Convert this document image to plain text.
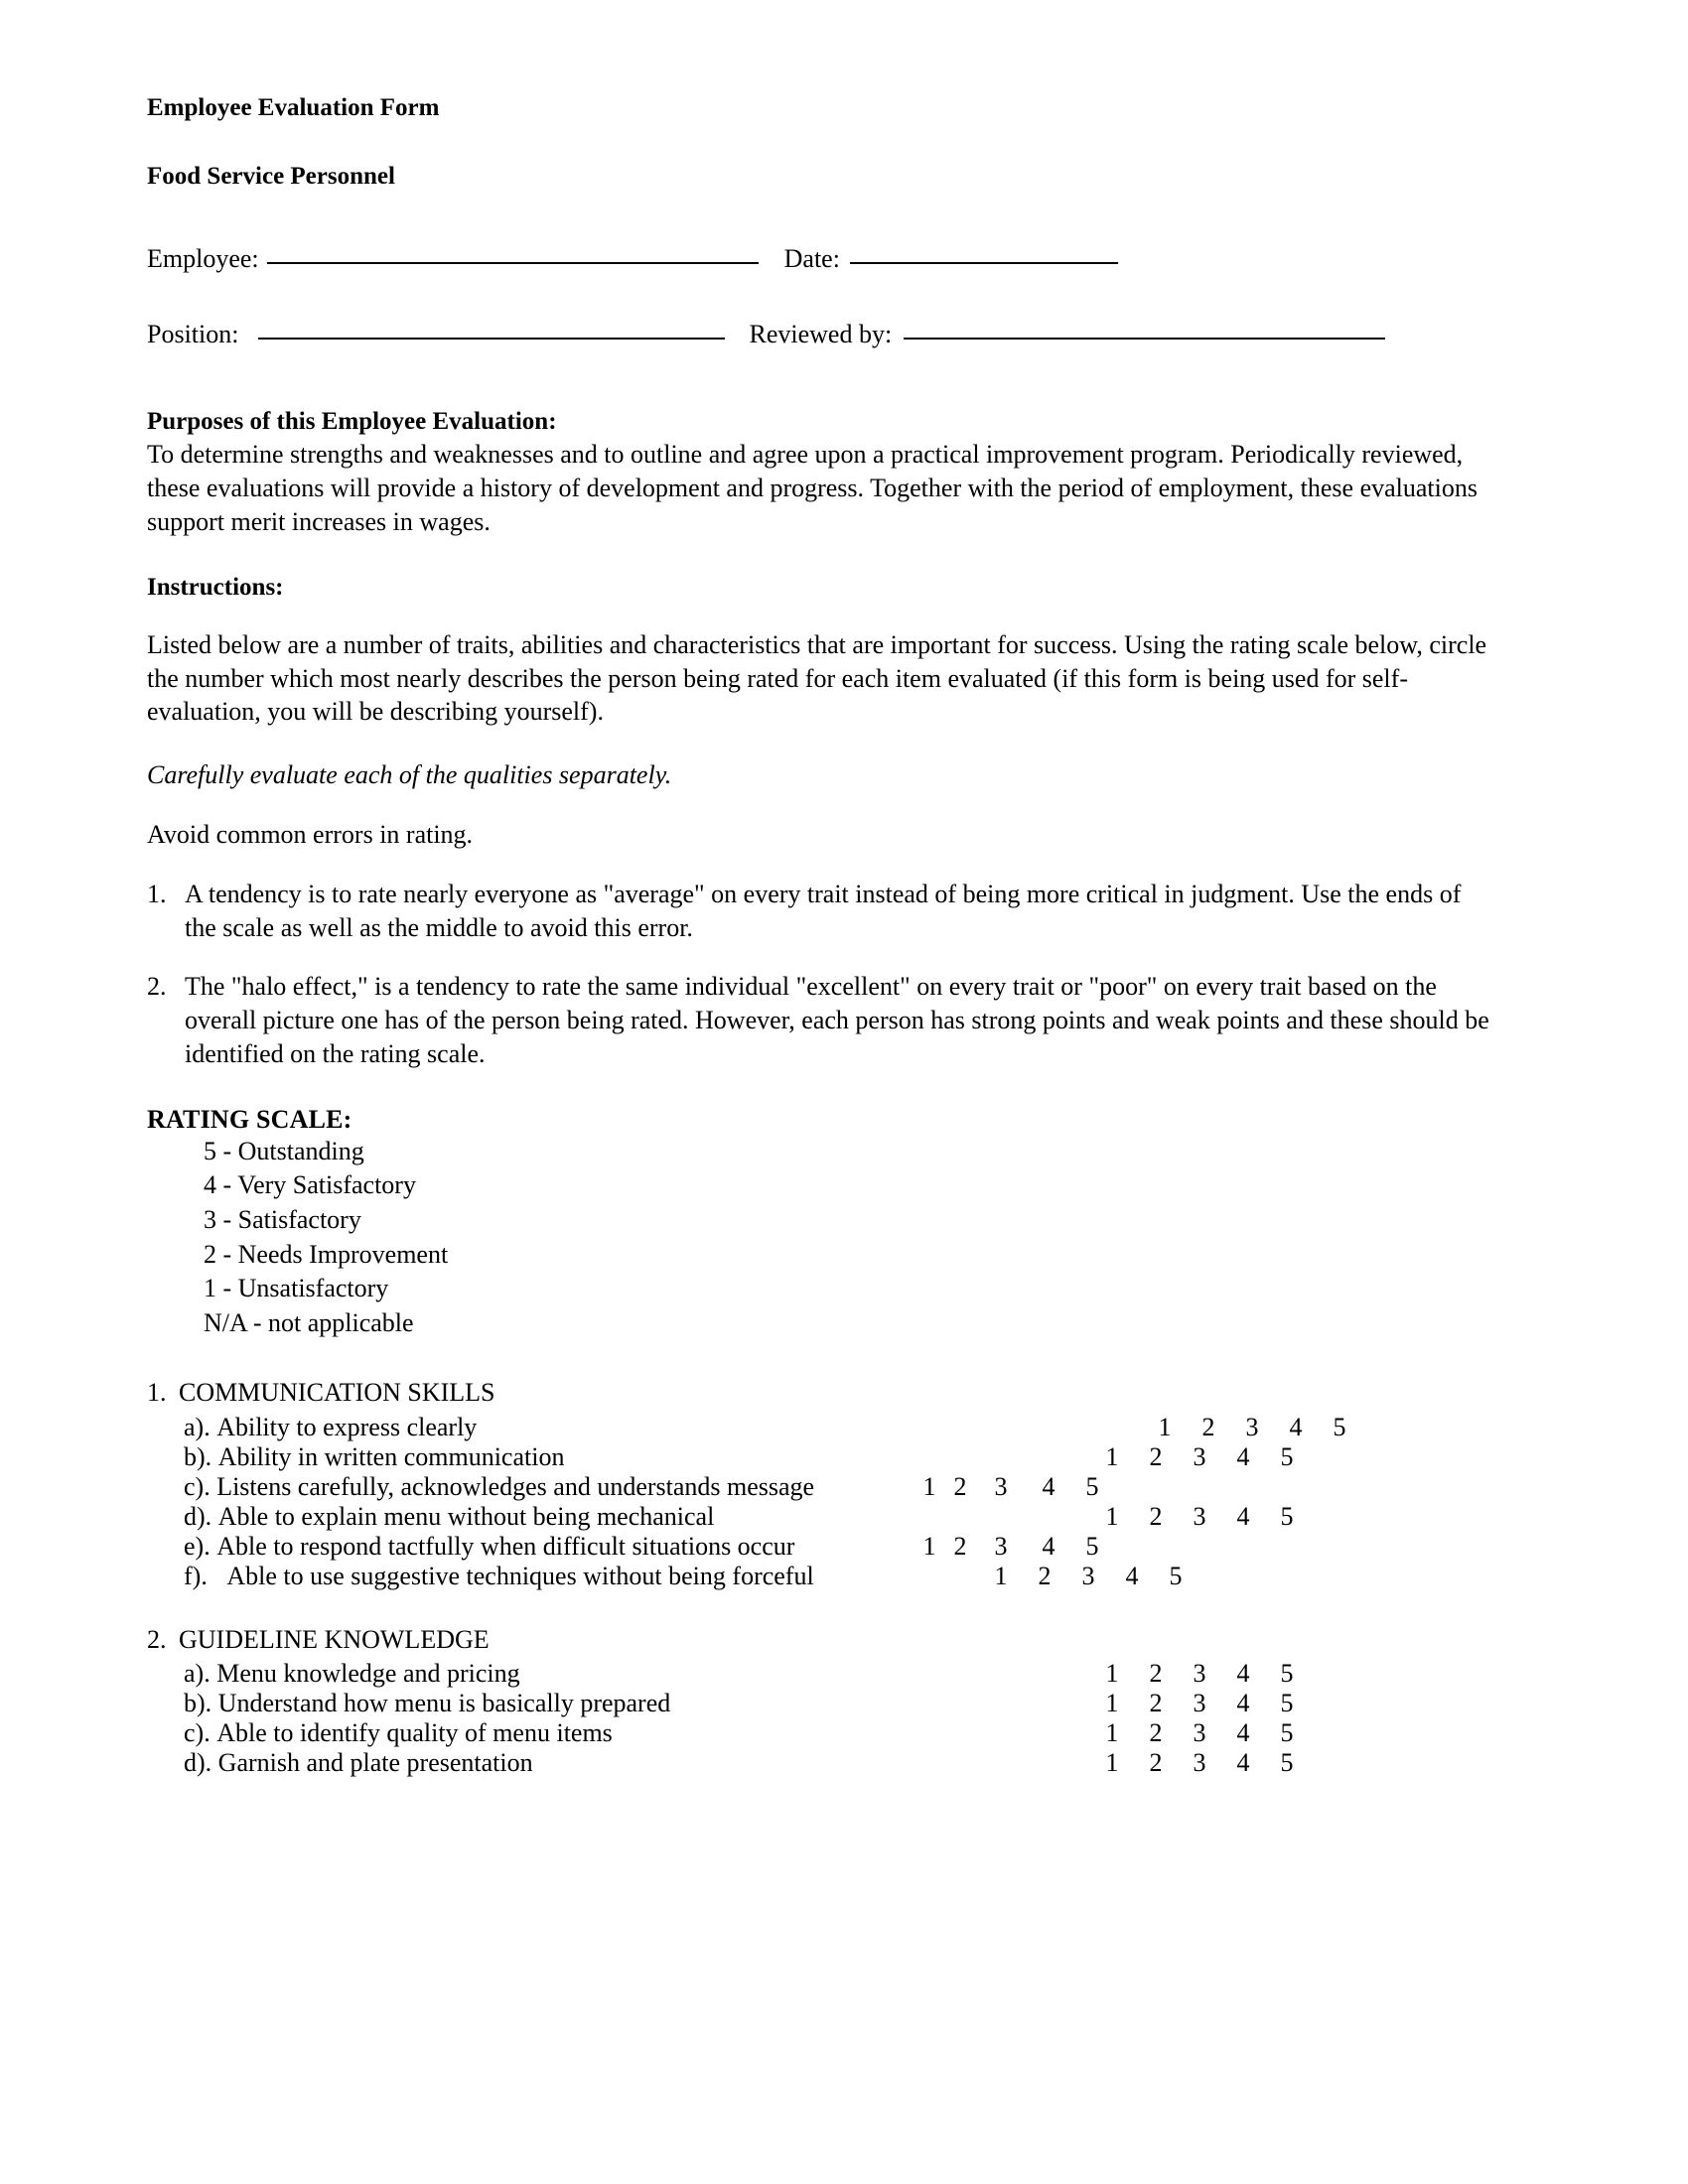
Employee Evaluation Form
Food Service Personnel
Employee:	Date:
Position:	Reviewed by:
Purposes of this Employee Evaluation:
To determine strengths and weaknesses and to outline and agree upon a practical improvement program. Periodically reviewed, these evaluations will provide a history of development and progress. Together with the period of employment, these evaluations support merit increases in wages.
Instructions:
Listed below are a number of traits, abilities and characteristics that are important for success. Using the rating scale below, circle the number which most nearly describes the person being rated for each item evaluated (if this form is being used for self-evaluation, you will be describing yourself).
Carefully evaluate each of the qualities separately.
Avoid common errors in rating.
1. A tendency is to rate nearly everyone as "average" on every trait instead of being more critical in judgment. Use the ends of the scale as well as the middle to avoid this error.
2. The "halo effect," is a tendency to rate the same individual "excellent" on every trait or "poor" on every trait based on the overall picture one has of the person being rated. However, each person has strong points and weak points and these should be identified on the rating scale.
RATING SCALE:
5 - Outstanding
4 - Very Satisfactory
3 - Satisfactory
2 - Needs Improvement
1 - Unsatisfactory
N/A - not applicable
1. COMMUNICATION SKILLS
a). Ability to express clearly	1 2 3 4 5
b). Ability in written communication	1 2 3 4 5
c). Listens carefully, acknowledges and understands message	1 2 3 4 5
d). Able to explain menu without being mechanical	1 2 3 4 5
e). Able to respond tactfully when difficult situations occur	1 2 3 4 5
f). Able to use suggestive techniques without being forceful	1 2 3 4 5
2. GUIDELINE KNOWLEDGE
a). Menu knowledge and pricing	1 2 3 4 5
b). Understand how menu is basically prepared	1 2 3 4 5
c). Able to identify quality of menu items	1 2 3 4 5
d). Garnish and plate presentation	1 2 3 4 5
